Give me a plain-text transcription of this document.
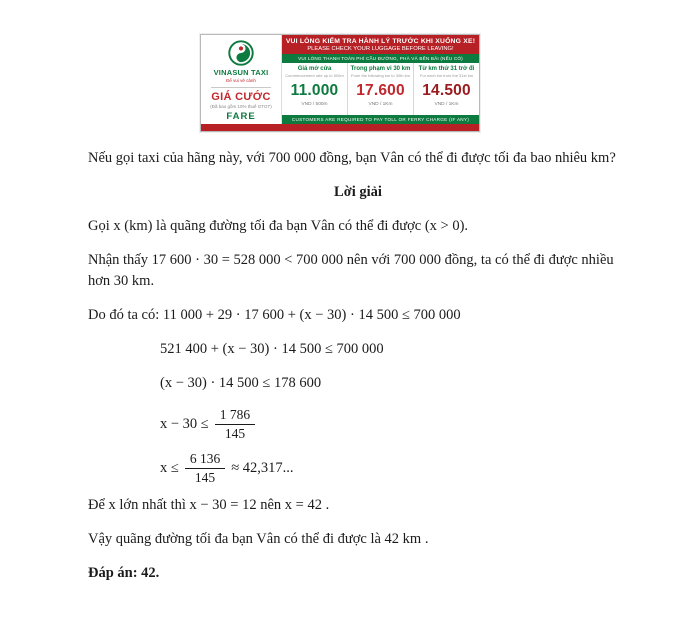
VINASUN TAXI
Để vui vẻ cảnh
GIÁ CƯỚC
(Đã bao gồm 10% thuế GTGT)
FARE
VUI LÒNG KIỂM TRA HÀNH LÝ TRƯỚC KHI XUỐNG XE!
PLEASE CHECK YOUR LUGGAGE BEFORE LEAVING!
VUI LÒNG THANH TOÁN PHÍ CẦU ĐƯỜNG, PHÀ VÀ BẾN BÃI (NẾU CÓ)
Giá mở cửa
Commencement rate up to 500m
11.000
VND / 500m
Trong phạm vi 30 km
From the following km to 30th km
17.600
VND / 1Km
Từ km thứ 31 trở đi
For each km from the 31st km
14.500
VND / 1Km
CUSTOMERS ARE REQUIRED TO PAY TOLL OR FERRY CHARGE (IF ANY)

Nếu gọi taxi của hãng này, với 700 000 đồng, bạn Vân có thể đi được tối đa bao nhiêu km?

Lời giải

Gọi x (km) là quãng đường tối đa bạn Vân có thể đi được (x > 0).

Nhận thấy 17 600 · 30 = 528 000 < 700 000 nên với 700 000 đồng, ta có thể đi được nhiều hơn 30 km.

Do đó ta có: 11 000 + 29 · 17 600 + (x − 30) · 14 500 ≤ 700 000

521 400 + (x − 30) · 14 500 ≤ 700 000

(x − 30) · 14 500 ≤ 178 600

$x - 30 \le \frac{1 786}{145}$
$x \le \frac{6 136}{145} \approx 42,317$...

Để x lớn nhất thì x − 30 = 12 nên x = 42 .

Vậy quãng đường tối đa bạn Vân có thể đi được là 42 km .

Đáp án: 42.
